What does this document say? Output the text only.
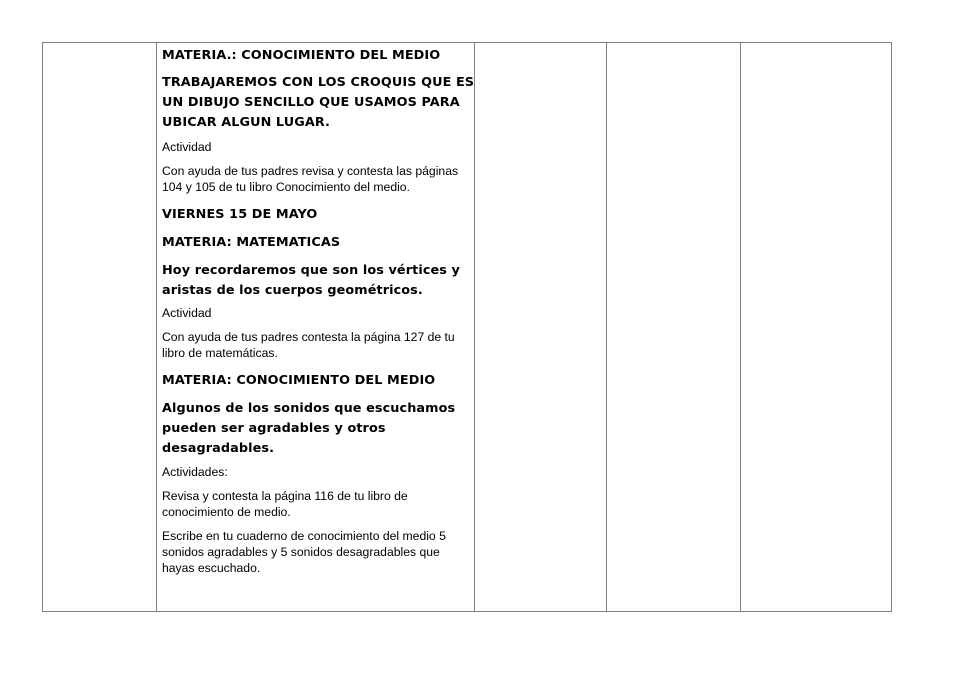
MATERIA.: CONOCIMIENTO DEL MEDIO

TRABAJAREMOS CON LOS CROQUIS QUE ES UN DIBUJO SENCILLO QUE USAMOS PARA UBICAR ALGUN LUGAR.

Actividad

Con ayuda de tus padres revisa y contesta las páginas 104 y 105 de tu libro Conocimiento del medio.

VIERNES 15 DE MAYO

MATERIA: MATEMATICAS

Hoy recordaremos que son los vértices y aristas de los cuerpos geométricos.

Actividad

Con ayuda de tus padres contesta la página 127 de tu libro de matemáticas.

MATERIA: CONOCIMIENTO DEL MEDIO

Algunos de los sonidos que escuchamos pueden ser agradables y otros desagradables.

Actividades:

Revisa y contesta la página 116 de tu libro de conocimiento de medio.

Escribe en tu cuaderno de conocimiento del medio 5 sonidos agradables y 5 sonidos desagradables que hayas escuchado.
